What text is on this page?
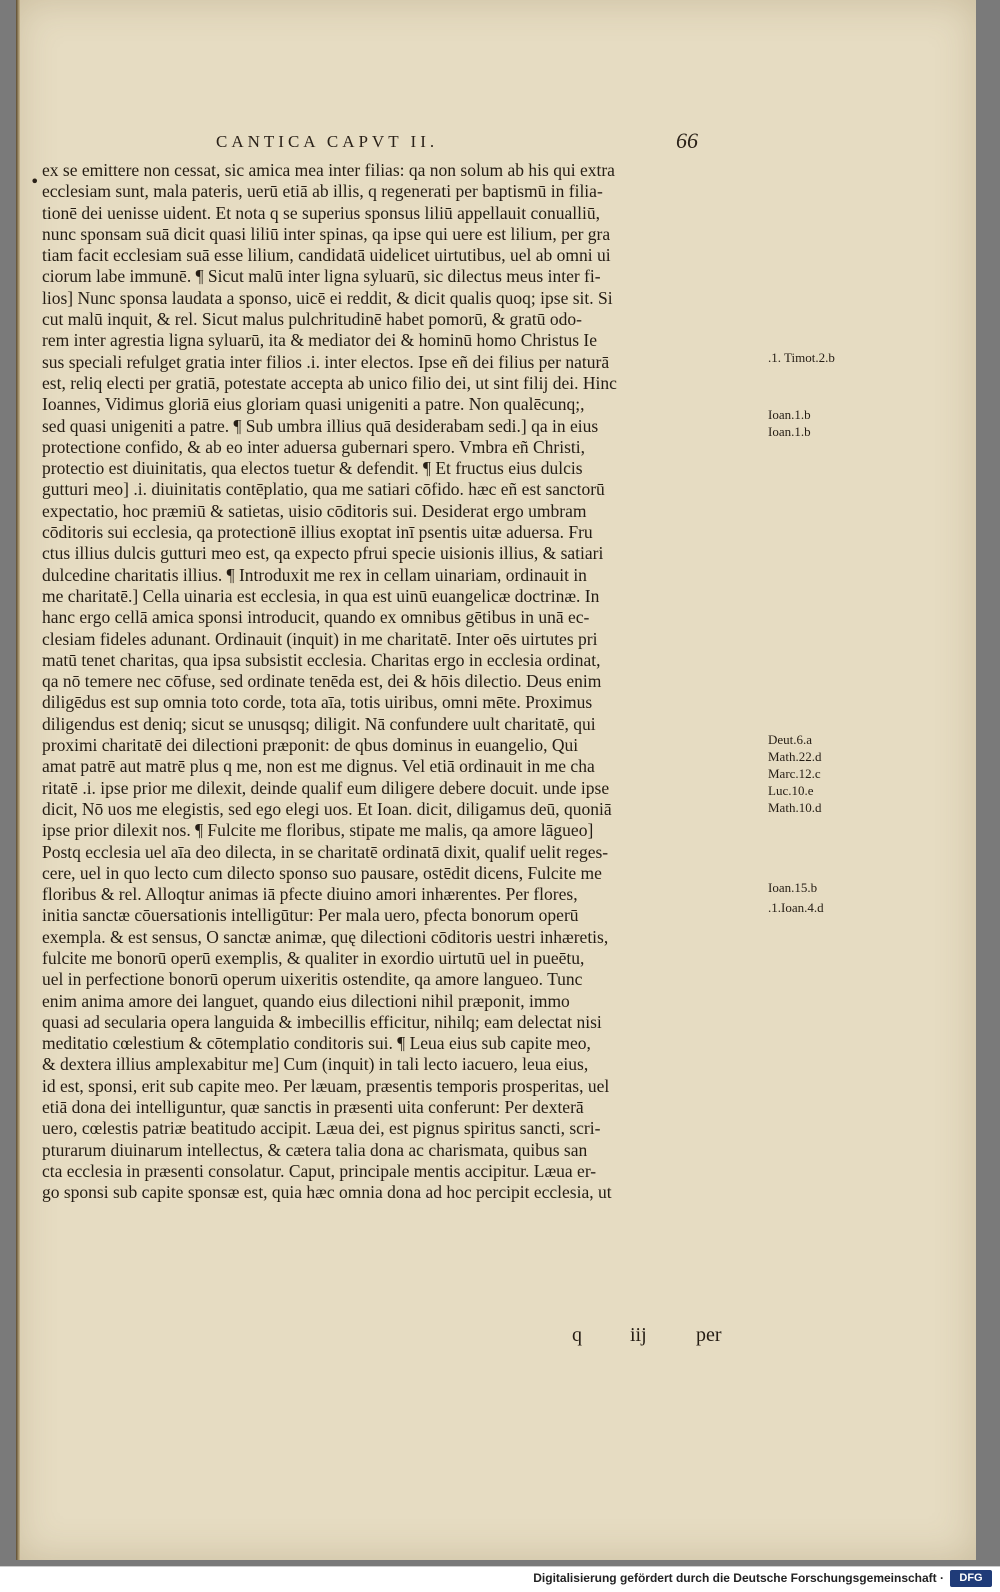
CANTICA CAPVT II.	66
•
ex se emittere non cessat, sic amica mea inter filias: qa non solum ab his qui extra
ecclesiam sunt, mala pateris, uerū etiā ab illis, q regenerati per baptismū in filia-
tionē dei uenisse uident. Et nota q se superius sponsus liliū appellauit conualliū,
nunc sponsam suā dicit quasi liliū inter spinas, qa ipse qui uere est lilium, per gra
tiam facit ecclesiam suā esse lilium, candidatā uidelicet uirtutibus, uel ab omni ui
ciorum labe immunē. ¶ Sicut malū inter ligna syluarū, sic dilectus meus inter fi-
lios] Nunc sponsa laudata a sponso, uicē ei reddit, & dicit qualis quoq; ipse sit. Si
cut malū inquit, & rel. Sicut malus pulchritudinē habet pomorū, & gratū odo-
rem inter agrestia ligna syluarū, ita & mediator dei & hominū homo Christus Ie
sus speciali refulget gratia inter filios .i. inter electos. Ipse eñ dei filius per naturā
est, reliq electi per gratiā, potestate accepta ab unico filio dei, ut sint filij dei. Hinc
Ioannes, Vidimus gloriā eius gloriam quasi unigeniti a patre. Non qualēcunq;,
sed quasi unigeniti a patre. ¶ Sub umbra illius quā desiderabam sedi.] qa in eius
protectione confido, & ab eo inter aduersa gubernari spero. Vmbra eñ Christi,
protectio est diuinitatis, qua electos tuetur & defendit. ¶ Et fructus eius dulcis
gutturi meo] .i. diuinitatis contēplatio, qua me satiari cōfido. hæc eñ est sanctorū
expectatio, hoc præmiū & satietas, uisio cōditoris sui. Desiderat ergo umbram
cōditoris sui ecclesia, qa protectionē illius exoptat inī psentis uitæ aduersa. Fru
ctus illius dulcis gutturi meo est, qa expecto pfrui specie uisionis illius, & satiari
dulcedine charitatis illius. ¶ Introduxit me rex in cellam uinariam, ordinauit in
me charitatē.] Cella uinaria est ecclesia, in qua est uinū euangelicæ doctrinæ. In
hanc ergo cellā amica sponsi introducit, quando ex omnibus gētibus in unā ec-
clesiam fideles adunant. Ordinauit (inquit) in me charitatē. Inter oēs uirtutes pri
matū tenet charitas, qua ipsa subsistit ecclesia. Charitas ergo in ecclesia ordinat,
qa nō temere nec cōfuse, sed ordinate tenēda est, dei & hōis dilectio. Deus enim
diligēdus est sup omnia toto corde, tota aīa, totis uiribus, omni mēte. Proximus
diligendus est deniq; sicut se unusqsq; diligit. Nā confundere uult charitatē, qui
proximi charitatē dei dilectioni præponit: de qbus dominus in euangelio, Qui
amat patrē aut matrē plus q me, non est me dignus. Vel etiā ordinauit in me cha
ritatē .i. ipse prior me dilexit, deinde qualif eum diligere debere docuit. unde ipse
dicit, Nō uos me elegistis, sed ego elegi uos. Et Ioan. dicit, diligamus deū, quoniā
ipse prior dilexit nos. ¶ Fulcite me floribus, stipate me malis, qa amore lāgueo]
Postq ecclesia uel aīa deo dilecta, in se charitatē ordinatā dixit, qualif uelit reges-
cere, uel in quo lecto cum dilecto sponso suo pausare, ostēdit dicens, Fulcite me
floribus & rel. Alloqtur animas iā pfecte diuino amori inhærentes. Per flores,
initia sanctæ cōuersationis intelligūtur: Per mala uero, pfecta bonorum operū
exempla. & est sensus, O sanctæ animæ, quę dilectioni cōditoris uestri inhæretis,
fulcite me bonorū operū exemplis, & qualiter in exordio uirtutū uel in pueētu,
uel in perfectione bonorū operum uixeritis ostendite, qa amore langueo. Tunc
enim anima amore dei languet, quando eius dilectioni nihil præponit, immo
quasi ad secularia opera languida & imbecillis efficitur, nihilq; eam delectat nisi
meditatio cœlestium & cōtemplatio conditoris sui. ¶ Leua eius sub capite meo,
& dextera illius amplexabitur me] Cum (inquit) in tali lecto iacuero, leua eius,
id est, sponsi, erit sub capite meo. Per læuam, præsentis temporis prosperitas, uel
etiā dona dei intelliguntur, quæ sanctis in præsenti uita conferunt: Per dexterā
uero, cœlestis patriæ beatitudo accipit. Læua dei, est pignus spiritus sancti, scri-
pturarum diuinarum intellectus, & cætera talia dona ac charismata, quibus san
cta ecclesia in præsenti consolatur. Caput, principale mentis accipitur. Læua er-
go sponsi sub capite sponsæ est, quia hæc omnia dona ad hoc percipit ecclesia, ut
.1. Timot.2.b
Ioan.1.b
Ioan.1.b
Deut.6.a
Math.22.d
Marc.12.c
Luc.10.e
Math.10.d
Ioan.15.b
.1.Ioan.4.d
q iij per
Digitalisierung gefördert durch die Deutsche Forschungsgemeinschaft ·	DFG
